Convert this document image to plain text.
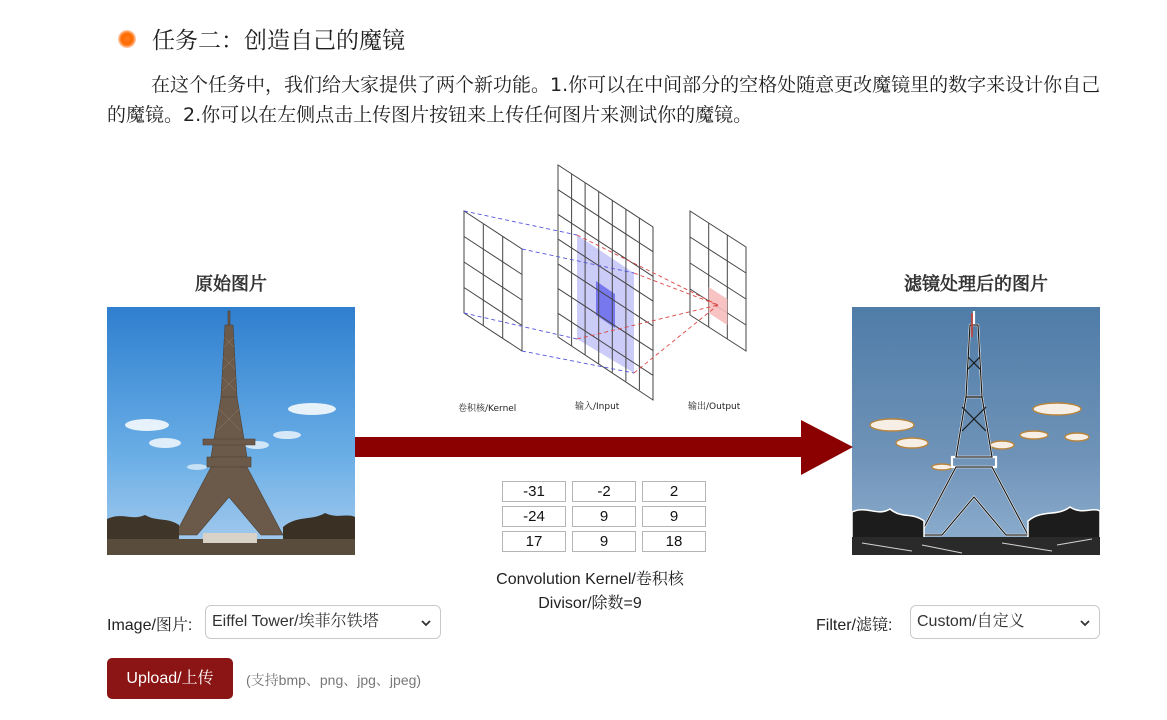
任务二：创造自己的魔镜
在这个任务中，我们给大家提供了两个新功能。1.你可以在中间部分的空格处随意更改魔镜里的数字来设计你自己的魔镜。2.你可以在左侧点击上传图片按钮来上传任何图片来测试你的魔镜。
原始图片	滤镜处理后的图片
卷积核/Kernel	输入/Input	输出/Output
-31	-2	2
-24	9	9
17	9	18
Convolution Kernel/卷积核
Divisor/除数=9
Image/图片:	Eiffel Tower/埃菲尔铁塔	Filter/滤镜:	Custom/自定义
Upload/上传	(支持bmp、png、jpg、jpeg)
